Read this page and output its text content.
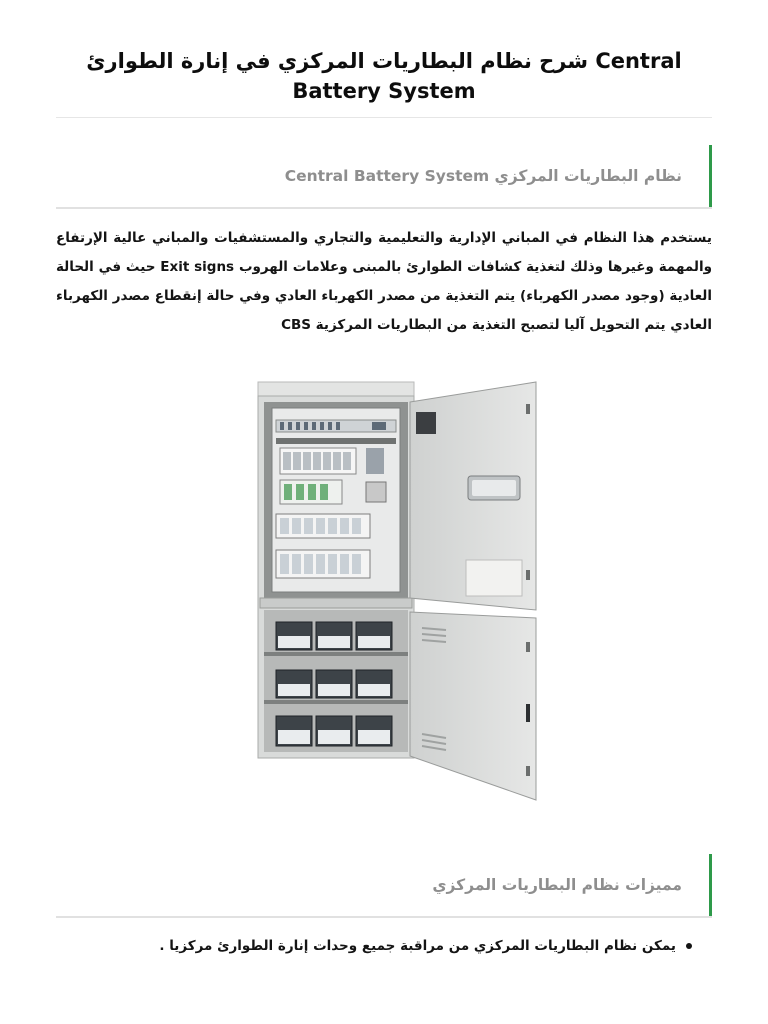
شرح نظام البطاريات المركزي في إنارة الطوارئ Central Battery System
نظام البطاريات المركزي Central Battery System

يستخدم هذا النظام في المباني الإدارية والتعليمية والتجاري والمستشفيات والمباني عالية الإرتفاع والمهمة وغيرها وذلك لتغذية كشافات الطوارئ بالمبنى وعلامات الهروب Exit signs حيث في الحالة العادية (وجود مصدر الكهرباء) يتم التغذية من مصدر الكهرباء العادي وفي حالة إنقطاع مصدر الكهرباء العادي يتم التحويل آليا لتصبح التغذية من البطاريات المركزية CBS

مميزات نظام البطاريات المركزي
يمكن نظام البطاريات المركزي من مراقبة جميع وحدات إنارة الطوارئ مركزيا .
